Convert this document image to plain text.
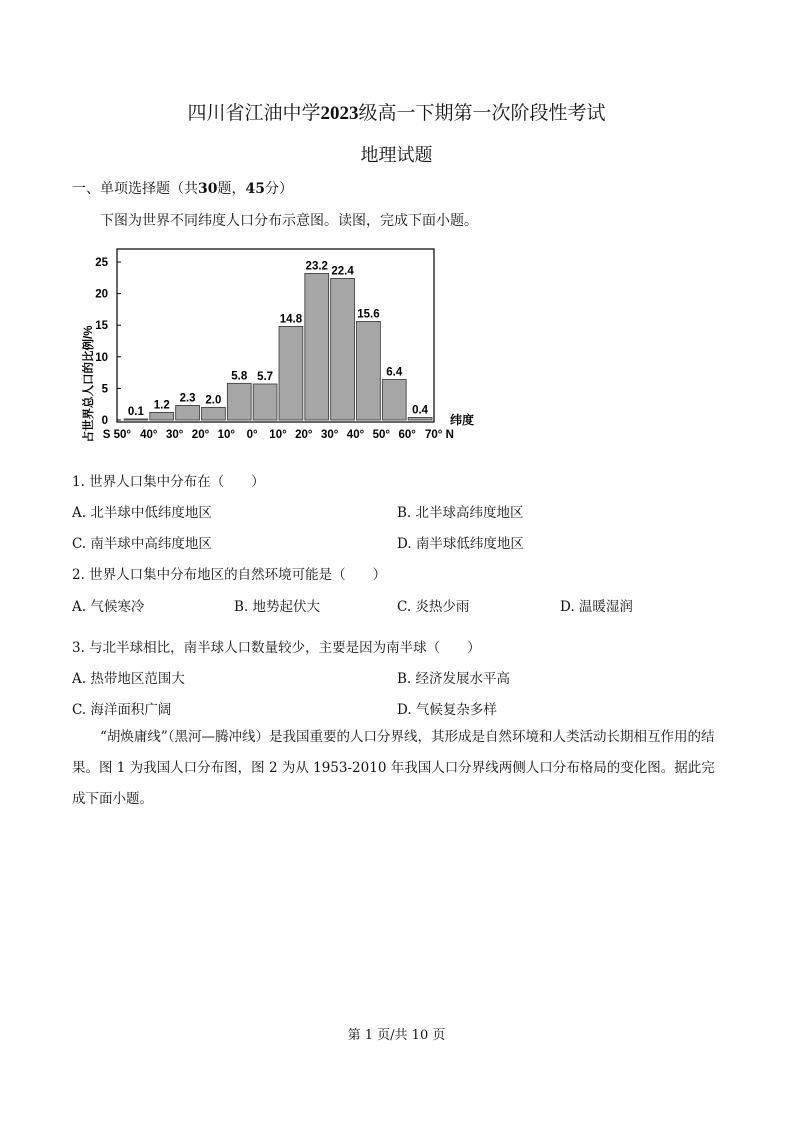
四川省江油中学2023级高一下期第一次阶段性考试
地理试题
一、单项选择题（共30题，45分）
下图为世界不同纬度人口分布示意图。读图，完成下面小题。
占世界总人口的比例/% 0
5
10
15
20
25
0.1
1.2
2.3 2.0
5.8 5.7
14.8
23.2 22.4
15.6
6.4
0.4
S 50° 40° 30° 20° 10° 0° 10° 20° 30° 40° 50° 60° 70° N
纬度
1. 世界人口集中分布在（　　）
A. 北半球中低纬度地区	B. 北半球高纬度地区
C. 南半球中高纬度地区	D. 南半球低纬度地区
2. 世界人口集中分布地区的自然环境可能是（　　）
A. 气候寒冷	B. 地势起伏大	C. 炎热少雨	D. 温暖湿润
3. 与北半球相比，南半球人口数量较少，主要是因为南半球（　　）
A. 热带地区范围大	B. 经济发展水平高
C. 海洋面积广阔	D. 气候复杂多样
“胡焕庸线”（黑河—腾冲线）是我国重要的人口分界线，其形成是自然环境和人类活动长期相互作用的结果。图 1 为我国人口分布图，图 2 为从 1953-2010 年我国人口分界线两侧人口分布格局的变化图。据此完成下面小题。
第 1 页/共 10 页
